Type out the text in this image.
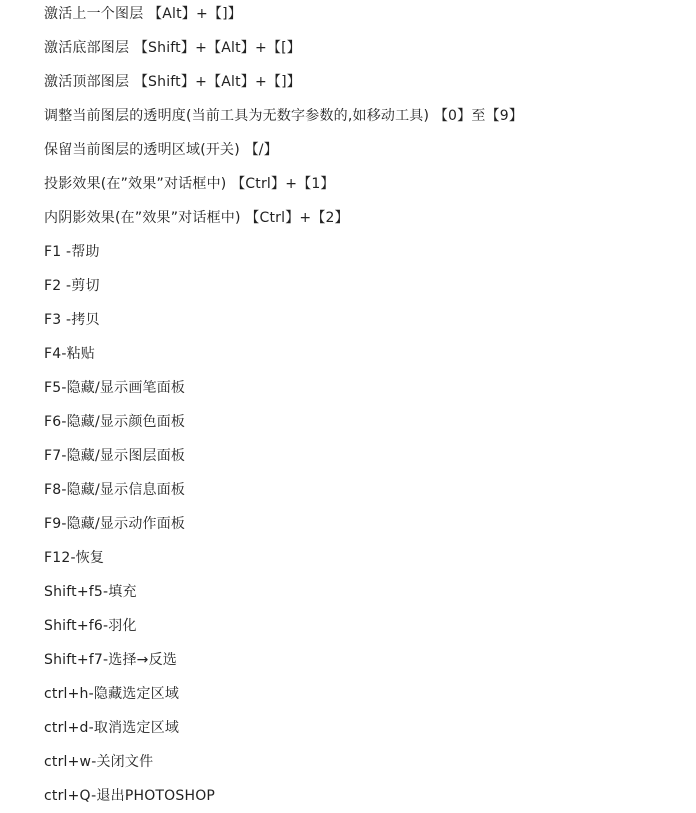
激活上一个图层 【Alt】+【]】
激活底部图层 【Shift】+【Alt】+【[】
激活顶部图层 【Shift】+【Alt】+【]】
调整当前图层的透明度(当前工具为无数字参数的,如移动工具) 【0】至【9】
保留当前图层的透明区域(开关) 【/】
投影效果(在”效果”对话框中) 【Ctrl】+【1】
内阴影效果(在”效果”对话框中) 【Ctrl】+【2】
F1 -帮助
F2 -剪切
F3 -拷贝
F4-粘贴
F5-隐藏/显示画笔面板
F6-隐藏/显示颜色面板
F7-隐藏/显示图层面板
F8-隐藏/显示信息面板
F9-隐藏/显示动作面板
F12-恢复
Shift+f5-填充
Shift+f6-羽化
Shift+f7-选择→反选
ctrl+h-隐藏选定区域
ctrl+d-取消选定区域
ctrl+w-关闭文件
ctrl+Q-退出PHOTOSHOP
